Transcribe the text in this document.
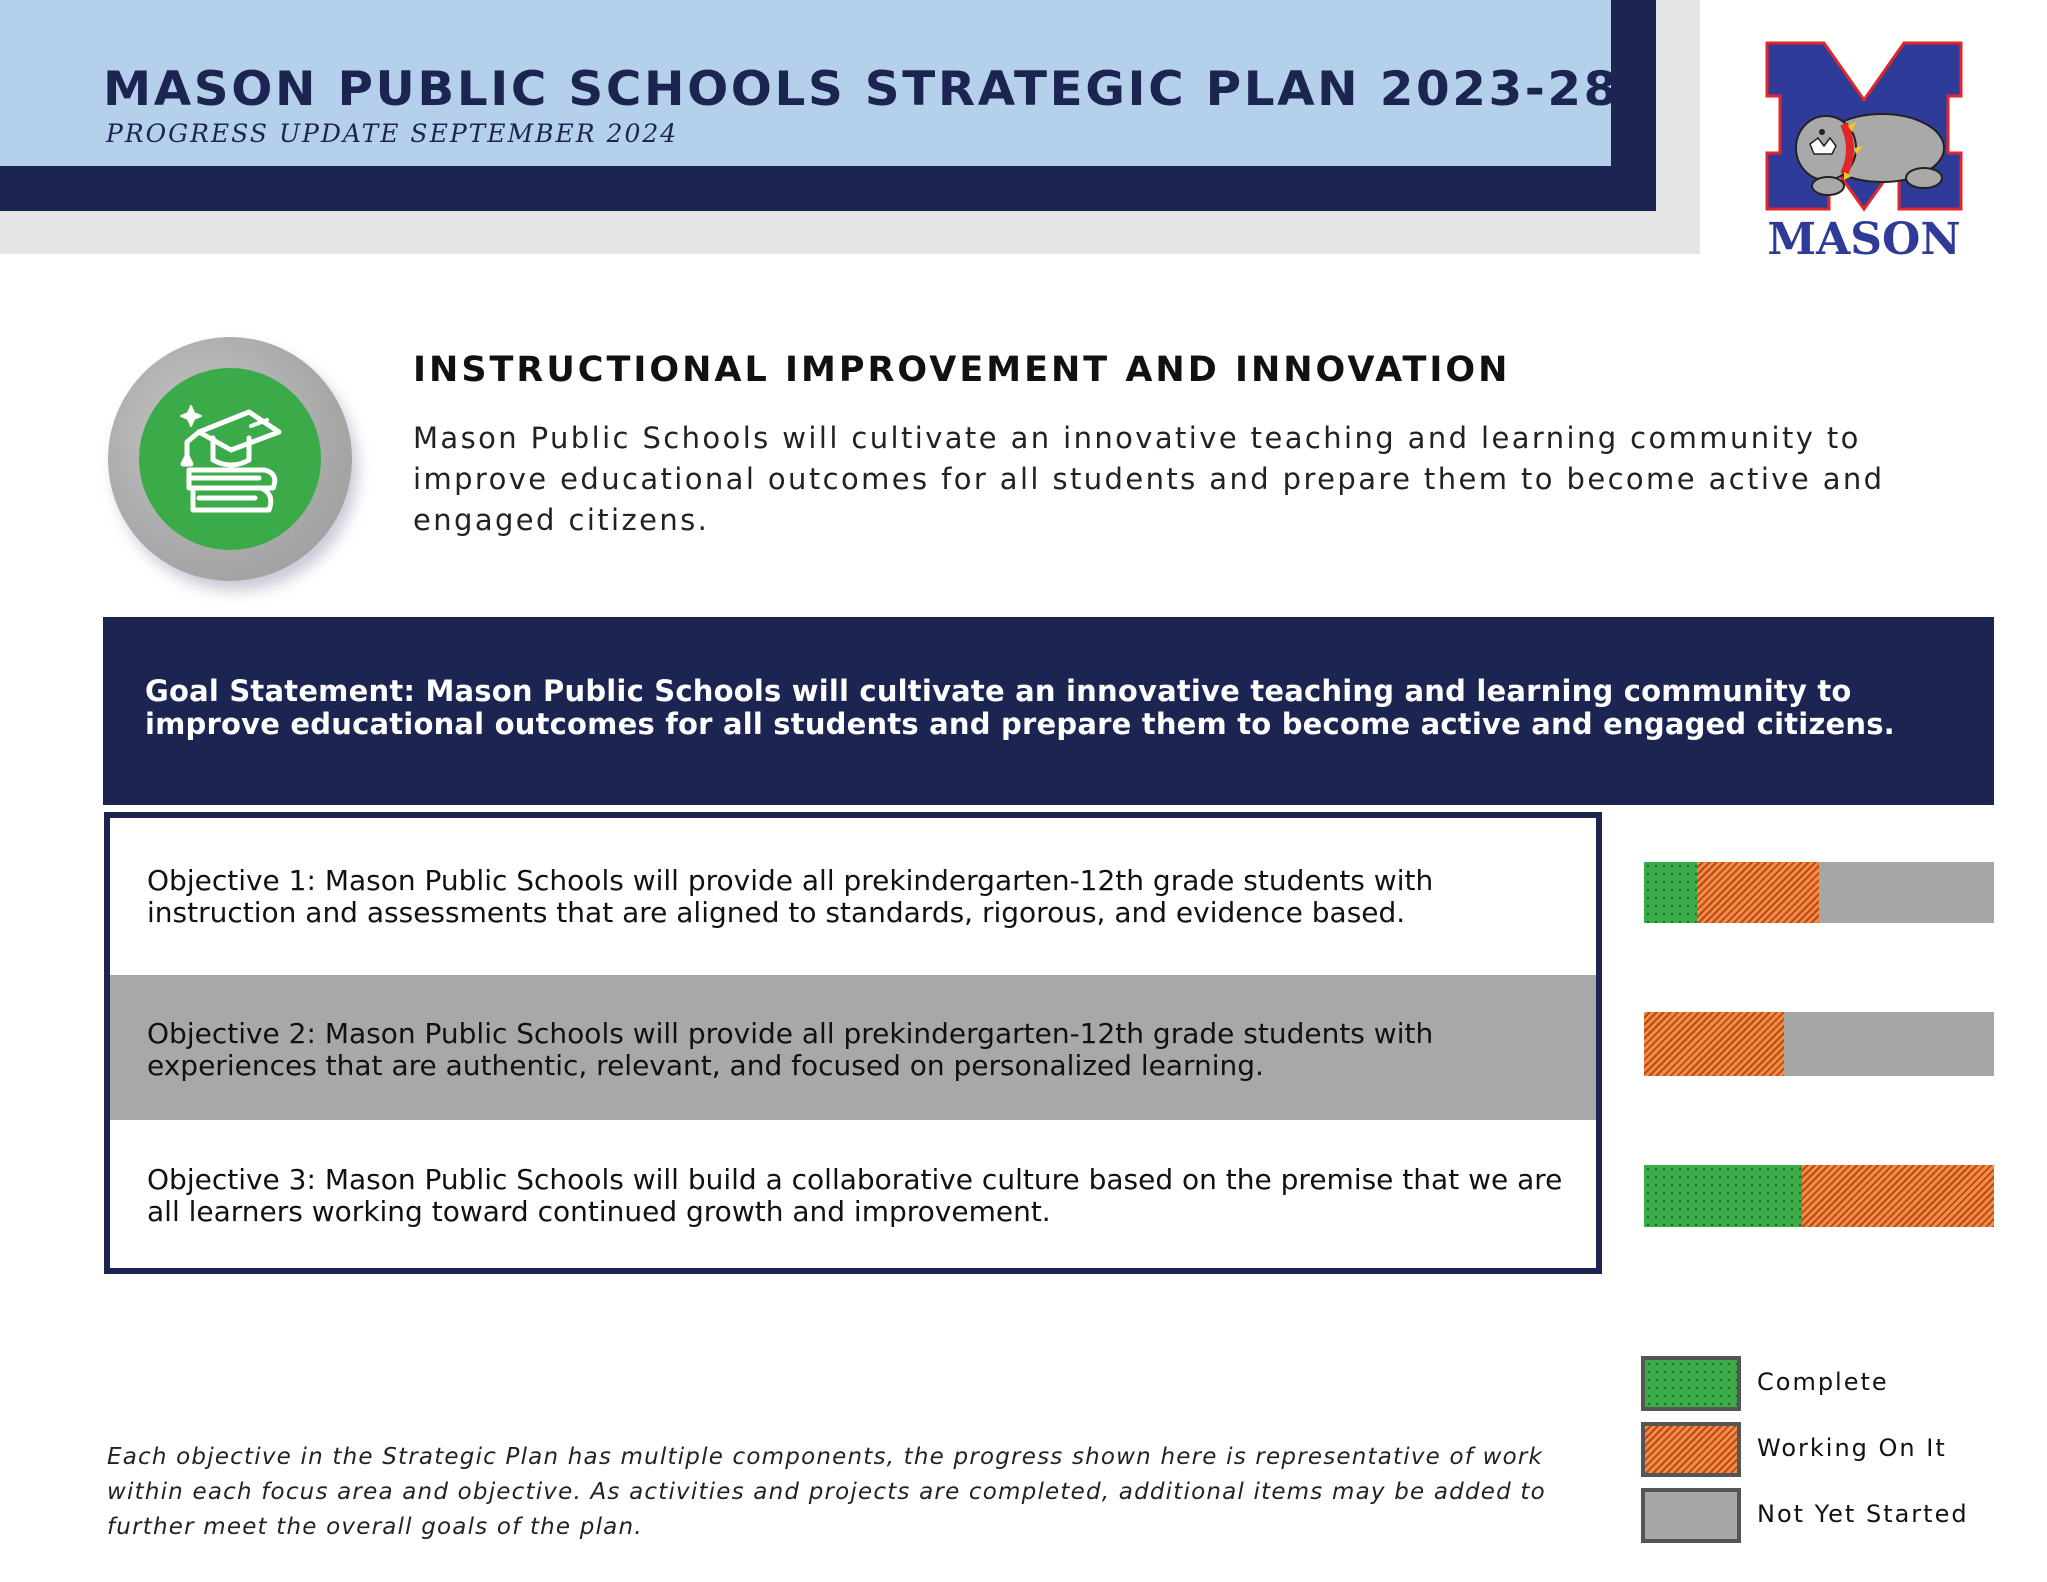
MASON PUBLIC SCHOOLS STRATEGIC PLAN 2023-28
PROGRESS UPDATE SEPTEMBER 2024
MASON
INSTRUCTIONAL IMPROVEMENT AND INNOVATION
Mason Public Schools will cultivate an innovative teaching and learning community to improve educational outcomes for all students and prepare them to become active and engaged citizens.
Goal Statement: Mason Public Schools will cultivate an innovative teaching and learning community to improve educational outcomes for all students and prepare them to become active and engaged citizens.
Objective 1: Mason Public Schools will provide all prekindergarten-12th grade students with instruction and assessments that are aligned to standards, rigorous, and evidence based.
Objective 2: Mason Public Schools will provide all prekindergarten-12th grade students with experiences that are authentic, relevant, and focused on personalized learning.
Objective 3: Mason Public Schools will build a collaborative culture based on the premise that we are all learners working toward continued growth and improvement.
Complete
Working On It
Not Yet Started
Each objective in the Strategic Plan has multiple components, the progress shown here is representative of work within each focus area and objective. As activities and projects are completed, additional items may be added to further meet the overall goals of the plan.
